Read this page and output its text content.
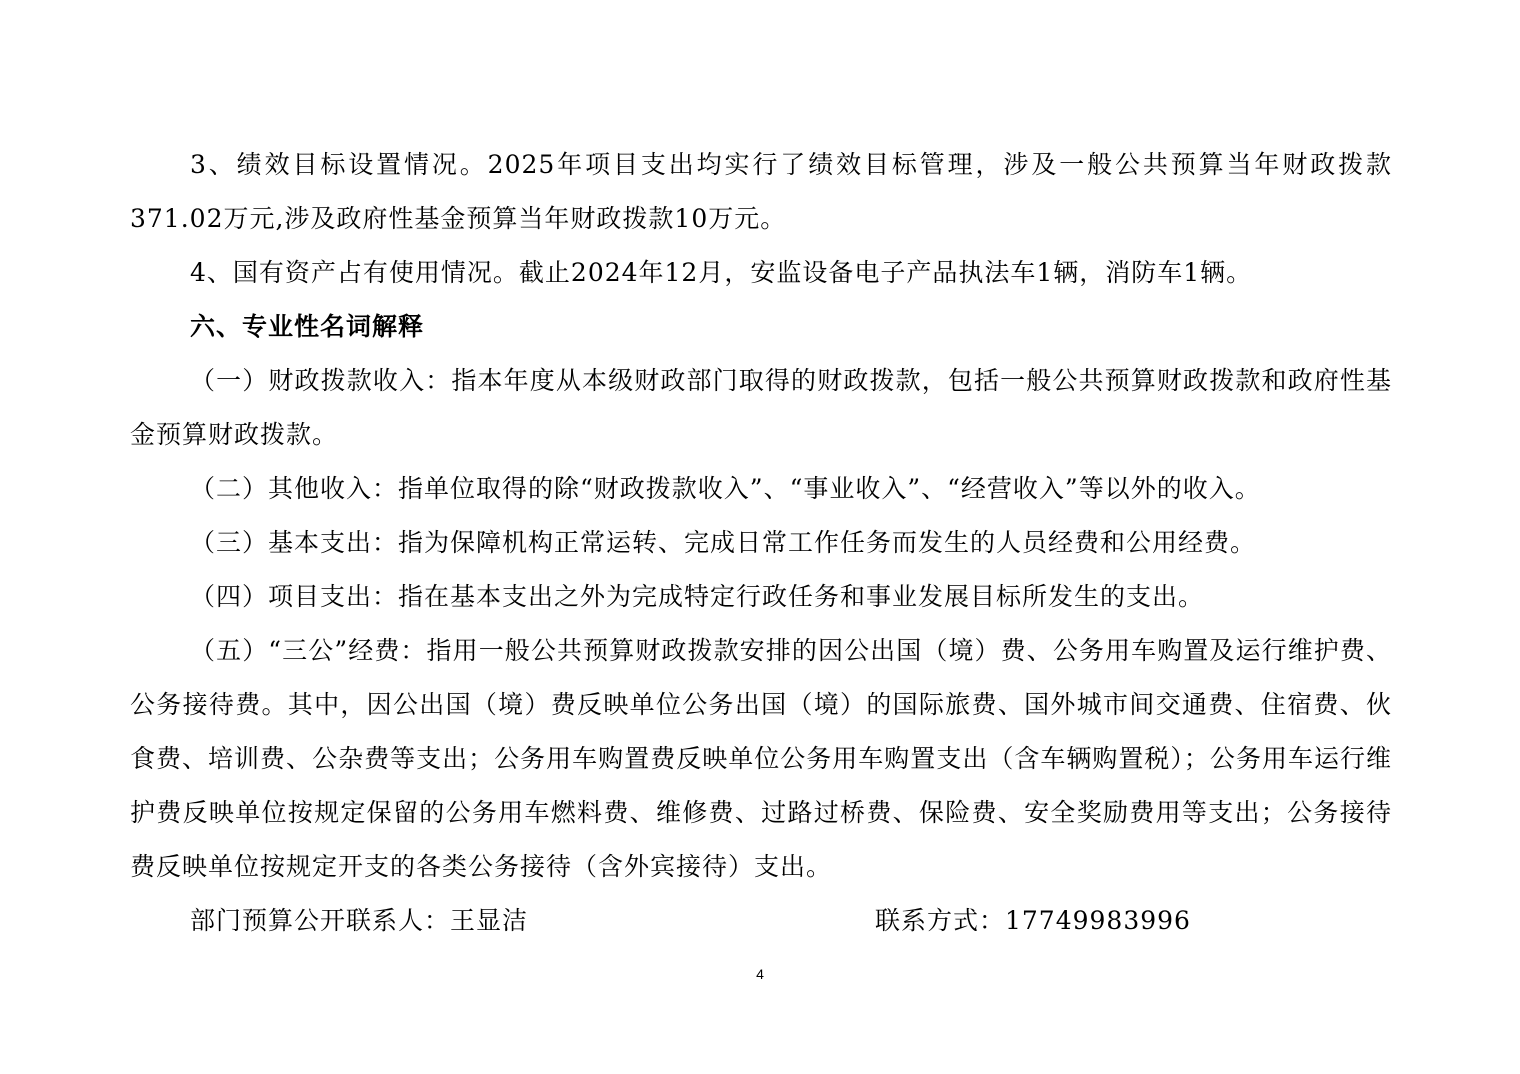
3、绩效目标设置情况。2025年项目支出均实行了绩效目标管理，涉及一般公共预算当年财政拨款371.02万元,涉及政府性基金预算当年财政拨款10万元。

4、国有资产占有使用情况。截止2024年12月，安监设备电子产品执法车1辆，消防车1辆。

六、专业性名词解释

（一）财政拨款收入：指本年度从本级财政部门取得的财政拨款，包括一般公共预算财政拨款和政府性基金预算财政拨款。

（二）其他收入：指单位取得的除“财政拨款收入”、“事业收入”、“经营收入”等以外的收入。

（三）基本支出：指为保障机构正常运转、完成日常工作任务而发生的人员经费和公用经费。

（四）项目支出：指在基本支出之外为完成特定行政任务和事业发展目标所发生的支出。

（五）“三公”经费：指用一般公共预算财政拨款安排的因公出国（境）费、公务用车购置及运行维护费、公务接待费。其中，因公出国（境）费反映单位公务出国（境）的国际旅费、国外城市间交通费、住宿费、伙食费、培训费、公杂费等支出；公务用车购置费反映单位公务用车购置支出（含车辆购置税）；公务用车运行维护费反映单位按规定保留的公务用车燃料费、维修费、过路过桥费、保险费、安全奖励费用等支出；公务接待费反映单位按规定开支的各类公务接待（含外宾接待）支出。

部门预算公开联系人：王显洁	联系方式：17749983996
4
